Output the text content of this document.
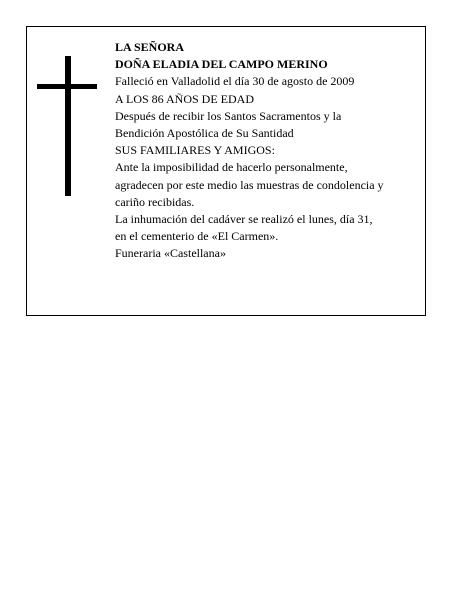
LA SEÑORA
DOÑA ELADIA DEL CAMPO MERINO
Falleció en Valladolid el día 30 de agosto de 2009
A LOS 86 AÑOS DE EDAD
Después de recibir los Santos Sacramentos y la
Bendición Apostólica de Su Santidad
SUS FAMILIARES Y AMIGOS:
Ante la imposibilidad de hacerlo personalmente,
agradecen por este medio las muestras de condolencia y
cariño recibidas.
La inhumación del cadáver se realizó el lunes, día 31,
en el cementerio de «El Carmen».
Funeraria «Castellana»
